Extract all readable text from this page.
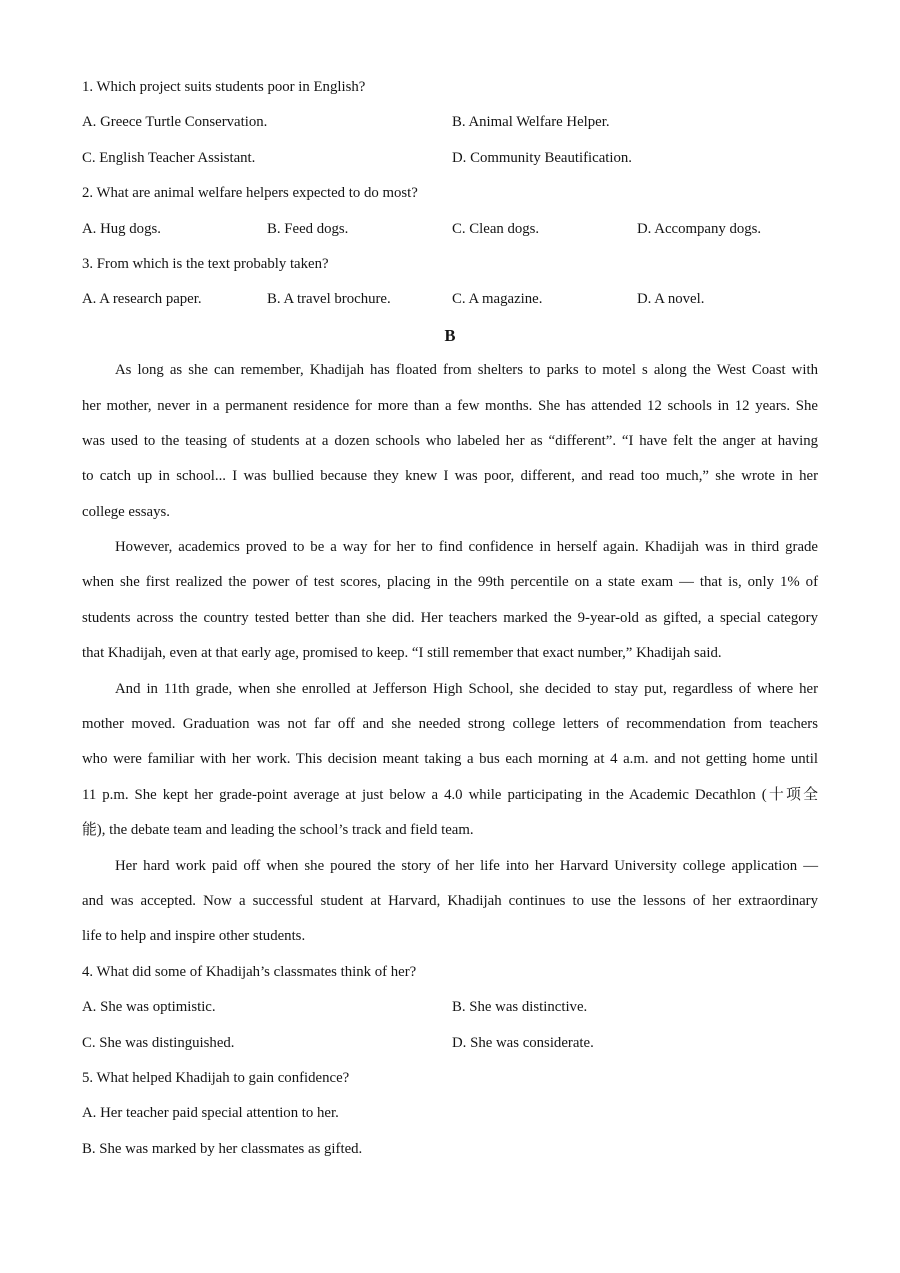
1. Which project suits students poor in English?
A. Greece Turtle Conservation.	B. Animal Welfare Helper.
C. English Teacher Assistant.	D. Community Beautification.
2. What are animal welfare helpers expected to do most?
A. Hug dogs.	B. Feed dogs.	C. Clean dogs.	D. Accompany dogs.
3. From which is the text probably taken?
A. A research paper.	B. A travel brochure.	C. A magazine.	D. A novel.
B
As long as she can remember, Khadijah has floated from shelters to parks to motel s along the West Coast with
her mother, never in a permanent residence for more than a few months. She has attended 12 schools in 12 years. She
was used to the teasing of students at a dozen schools who labeled her as “different”. “I have felt the anger at having
to catch up in school... I was bullied because they knew I was poor, different, and read too much,” she wrote in her
college essays.
However, academics proved to be a way for her to find confidence in herself again. Khadijah was in third grade
when she first realized the power of test scores, placing in the 99th percentile on a state exam — that is, only 1% of
students across the country tested better than she did. Her teachers marked the 9-year-old as gifted, a special category
that Khadijah, even at that early age, promised to keep. “I still remember that exact number,” Khadijah said.
And in 11th grade, when she enrolled at Jefferson High School, she decided to stay put, regardless of where her
mother moved. Graduation was not far off and she needed strong college letters of recommendation from teachers
who were familiar with her work. This decision meant taking a bus each morning at 4 a.m. and not getting home until
11 p.m. She kept her grade-point average at just below a 4.0 while participating in the Academic Decathlon (十项全
能), the debate team and leading the school’s track and field team.
Her hard work paid off when she poured the story of her life into her Harvard University college application —
and was accepted. Now a successful student at Harvard, Khadijah continues to use the lessons of her extraordinary
life to help and inspire other students.
4. What did some of Khadijah’s classmates think of her?
A. She was optimistic.	B. She was distinctive.
C. She was distinguished.	D. She was considerate.
5. What helped Khadijah to gain confidence?
A. Her teacher paid special attention to her.
B. She was marked by her classmates as gifted.
